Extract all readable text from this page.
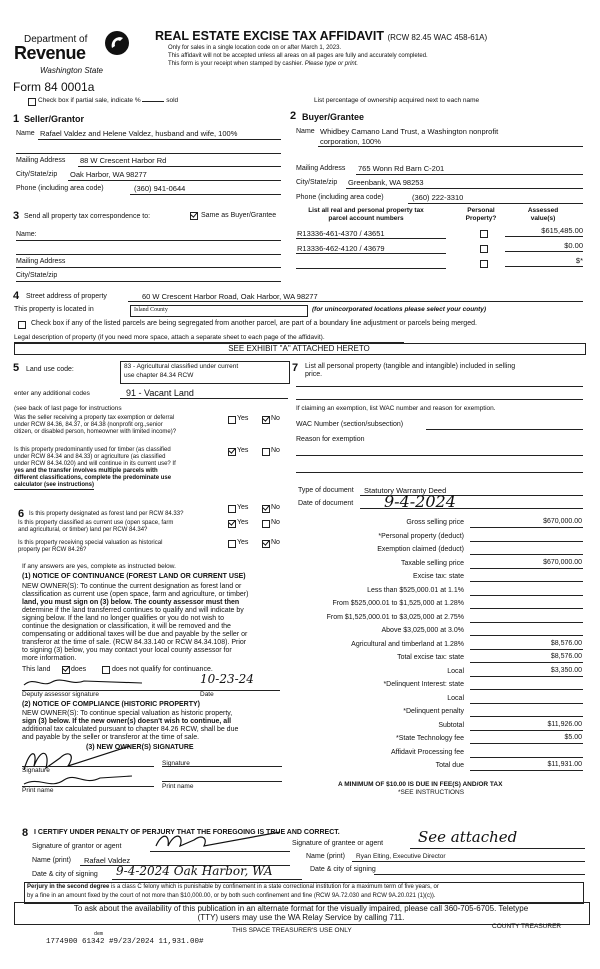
Department of
Revenue
Washington State
Form 84 0001a
REAL ESTATE EXCISE TAX AFFIDAVIT (RCW 82.45 WAC 458-61A)
Only for sales in a single location code on or after March 1, 2023.
This affidavit will not be accepted unless all areas on all pages are fully and accurately completed.
This form is your receipt when stamped by cashier. Please type or print.
Check box if partial sale, indicate %	sold	List percentage of ownership acquired next to each name
1 Seller/Grantor
Name Rafael Valdez and Helene Valdez, husband and wife, 100%
Mailing Address 88 W Crescent Harbor Rd
City/State/zip Oak Harbor, WA 98277
Phone (including area code)	(360) 941-0644
2 Buyer/Grantee
Name Whidbey Camano Land Trust, a Washington nonprofit
corporation, 100%
Mailing Address 765 Wonn Rd Barn C-201
City/State/zip Greenbank, WA 98253
Phone (including area code)	(360) 222-3310
3 Send all property tax correspondence to:	Same as Buyer/Grantee
Name:
Mailing Address
City/State/zip
List all real and personal property tax parcel account numbers
Personal Property?
Assessed value(s)
R13336-461-4370 / 43651	$615,485.00
R13336-462-4120 / 43679	$0.00
$*
4 Street address of property	60 W Crescent Harbor Road, Oak Harbor, WA 98277
This property is located in	Island County	(for unincorporated locations please select your county)
Check box if any of the listed parcels are being segregated from another parcel, are part of a boundary line adjustment or parcels being merged.
Legal description of property (if you need more space, attach a separate sheet to each page of the affidavit).
SEE EXHIBIT "A" ATTACHED HERETO
5 Land use code:	83 - Agricultural classified under current
use chapter 84.34 RCW
enter any additional codes	91 - Vacant Land
(see back of last page for instructions
Was the seller receiving a property tax exemption or deferral
under RCW 84.36, 84.37, or 84.38 (nonprofit org.,senior
citizen, or disabled person, homeowner with limited income)?
Yes	No
Is this property predominantly used for timber (as classified
under RCW 84.34 and 84.33) or agriculture (as classified
under RCW 84.34.020) and will continue in its current use? If
yes and the transfer involves multiple parcels with
different classifications, complete the predominate use
calculator (see instructions)
Yes	No
6 Is this property designated as forest land per RCW 84.33?
Yes	No
Is this property classified as current use (open space, farm
and agricultural, or timber) land per RCW 84.34?
Yes	No
Is this property receiving special valuation as historical
property per RCW 84.26?
Yes	No
If any answers are yes, complete as instructed below.
(1) NOTICE OF CONTINUANCE (FOREST LAND OR CURRENT USE)
NEW OWNER(S): To continue the current designation as forest land or
classification as current use (open space, farm and agriculture, or timber)
land, you must sign on (3) below. The county assessor must then
determine if the land transferred continues to qualify and will indicate by
signing below. If the land no longer qualifies or you do not wish to
continue the designation or classification, it will be removed and the
compensating or additional taxes will be due and payable by the seller or
transferor at the time of sale. (RCW 84.33.140 or RCW 84.34.108). Prior
to signing (3) below, you may contact your local county assessor for
more information.
This land	does	does not qualify for continuance.
10-23-24
Deputy assessor signature	Date
(2) NOTICE OF COMPLIANCE (HISTORIC PROPERTY)
NEW OWNER(S): To continue special valuation as historic property,
sign (3) below. If the new owner(s) doesn't wish to continue, all
additional tax calculated pursuant to chapter 84.26 RCW, shall be due
and payable by the seller or transferor at the time of sale.
(3) NEW OWNER(S) SIGNATURE
Signature
Signature
Print name
Print name
7 List all personal property (tangible and intangible) included in selling
price.
If claiming an exemption, list WAC number and reason for exemption.
WAC Number (section/subsection)
Reason for exemption
Type of document Statutory Warranty Deed
Date of document 9-4-2024
Gross selling price	$670,000.00
*Personal property (deduct)
Exemption claimed (deduct)
Taxable selling price	$670,000.00
Excise tax: state
Less than $525,000.01 at 1.1%
From $525,000.01 to $1,525,000 at 1.28%
From $1,525,000.01 to $3,025,000 at 2.75%
Above $3,025,000 at 3.0%
Agricultural and timberland at 1.28%	$8,576.00
Total excise tax: state	$8,576.00
Local	$3,350.00
*Delinquent Interest: state
Local
*Delinquent penalty
Subtotal	$11,926.00
*State Technology fee	$5.00
Affidavit Processing fee
Total due	$11,931.00
A MINIMUM OF $10.00 IS DUE IN FEE(S) AND/OR TAX
*SEE INSTRUCTIONS
8 I CERTIFY UNDER PENALTY OF PERJURY THAT THE FOREGOING IS TRUE AND CORRECT.
Signature of grantor or agent	Signature of grantee or agent See attached
Name (print) Rafael Valdez	Name (print) Ryan Elting, Executive Director
Date & city of signing 9-4-2024 Oak Harbor, WA	Date & city of signing
Perjury in the second degree is a class C felony which is punishable by confinement in a state correctional institution for a maximum term of five years, or
by a fine in an amount fixed by the court of not more than $10,000.00, or by both such confinement and fine (RCW 9A.72.030 and RCW 9A.20.021 (1)(c)).
To ask about the availability of this publication in an alternate format for the visually impaired, please call 360-705-6705. Teletype
(TTY) users may use the WA Relay Service by calling 711.
THIS SPACE TREASURER'S USE ONLY
COUNTY TREASURER
dem
1774900 61342 #9/23/2024 11,931.00#
